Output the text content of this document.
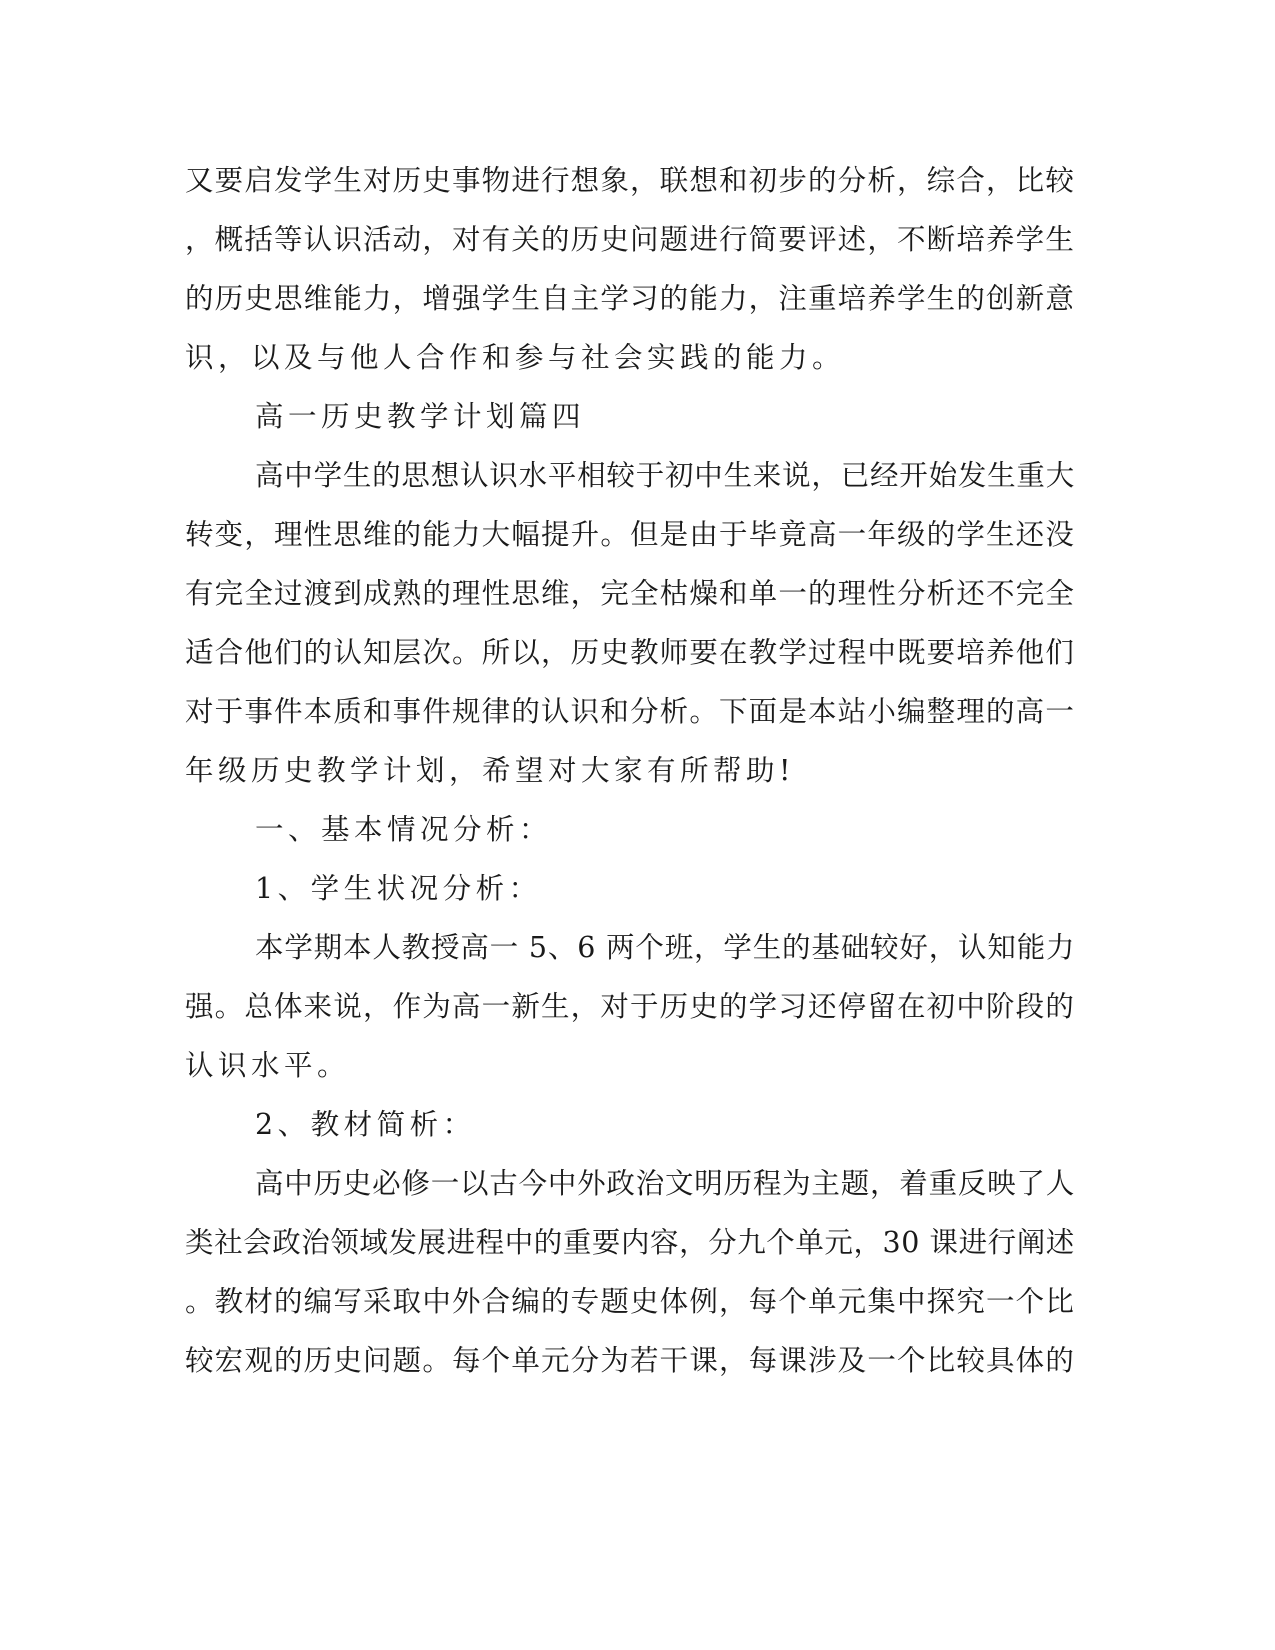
又要启发学生对历史事物进行想象，联想和初步的分析，综合，比较
，概括等认识活动，对有关的历史问题进行简要评述，不断培养学生
的历史思维能力，增强学生自主学习的能力，注重培养学生的创新意
识，以及与他人合作和参与社会实践的能力。
高一历史教学计划篇四
高中学生的思想认识水平相较于初中生来说，已经开始发生重大
转变，理性思维的能力大幅提升。但是由于毕竟高一年级的学生还没
有完全过渡到成熟的理性思维，完全枯燥和单一的理性分析还不完全
适合他们的认知层次。所以，历史教师要在教学过程中既要培养他们
对于事件本质和事件规律的认识和分析。下面是本站小编整理的高一
年级历史教学计划，希望对大家有所帮助!
一、基本情况分析：
1、学生状况分析：
本学期本人教授高一 5、6 两个班，学生的基础较好，认知能力
强。总体来说，作为高一新生，对于历史的学习还停留在初中阶段的
认识水平。
2、教材简析：
高中历史必修一以古今中外政治文明历程为主题，着重反映了人
类社会政治领域发展进程中的重要内容，分九个单元，30 课进行阐述
。教材的编写采取中外合编的专题史体例，每个单元集中探究一个比
较宏观的历史问题。每个单元分为若干课，每课涉及一个比较具体的
